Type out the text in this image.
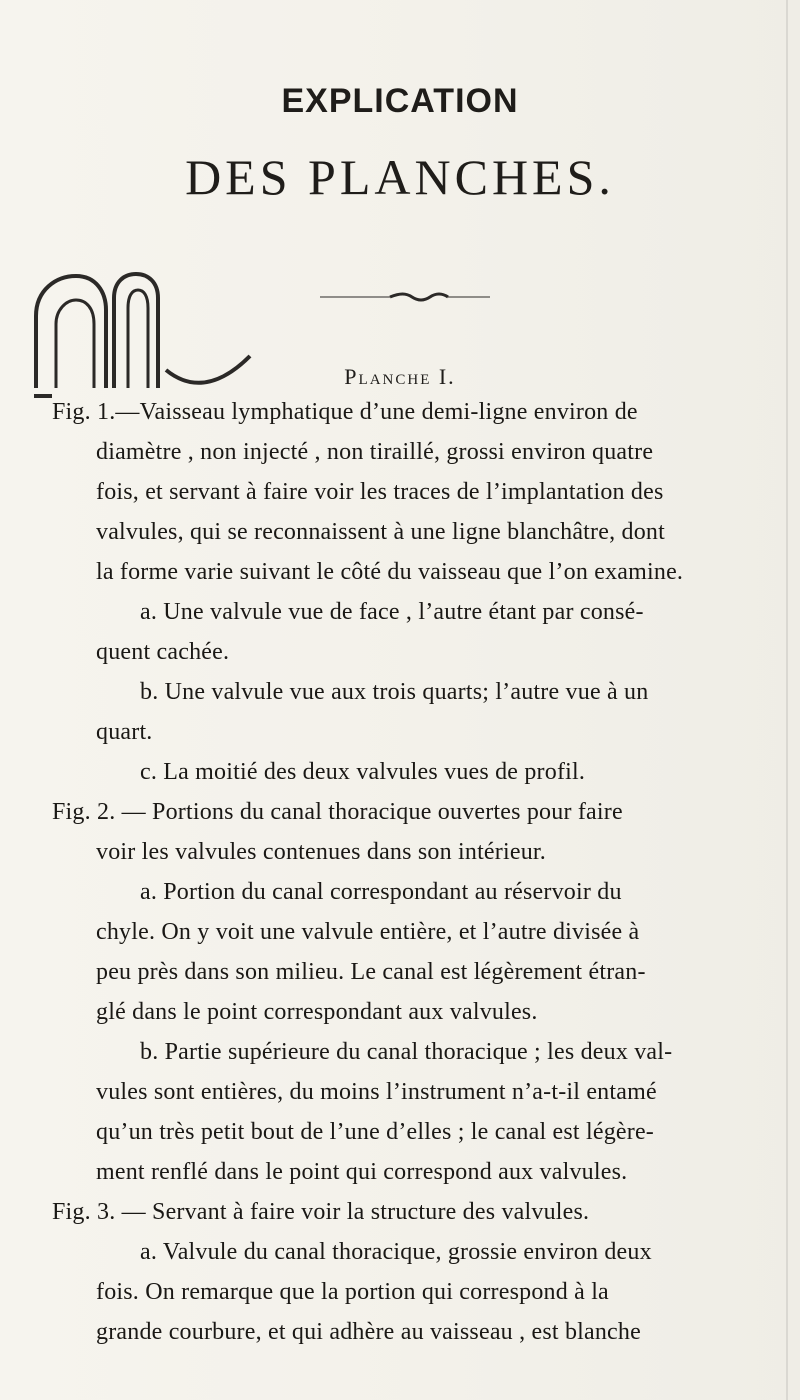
EXPLICATION
DES PLANCHES.
Planche I.
Fig. 1.—Vaisseau lymphatique d’une demi-ligne environ de
diamètre , non injecté , non tiraillé, grossi environ quatre
fois, et servant à faire voir les traces de l’implantation des
valvules, qui se reconnaissent à une ligne blanchâtre, dont
la forme varie suivant le côté du vaisseau que l’on examine.
a. Une valvule vue de face , l’autre étant par consé-
quent cachée.
b. Une valvule vue aux trois quarts; l’autre vue à un
quart.
c. La moitié des deux valvules vues de profil.
Fig. 2. — Portions du canal thoracique ouvertes pour faire
voir les valvules contenues dans son intérieur.
a. Portion du canal correspondant au réservoir du
chyle. On y voit une valvule entière, et l’autre divisée à
peu près dans son milieu. Le canal est légèrement étran-
glé dans le point correspondant aux valvules.
b. Partie supérieure du canal thoracique ; les deux val-
vules sont entières, du moins l’instrument n’a-t-il entamé
qu’un très petit bout de l’une d’elles ; le canal est légère-
ment renflé dans le point qui correspond aux valvules.
Fig. 3. — Servant à faire voir la structure des valvules.
a. Valvule du canal thoracique, grossie environ deux
fois. On remarque que la portion qui correspond à la
grande courbure, et qui adhère au vaisseau , est blanche
